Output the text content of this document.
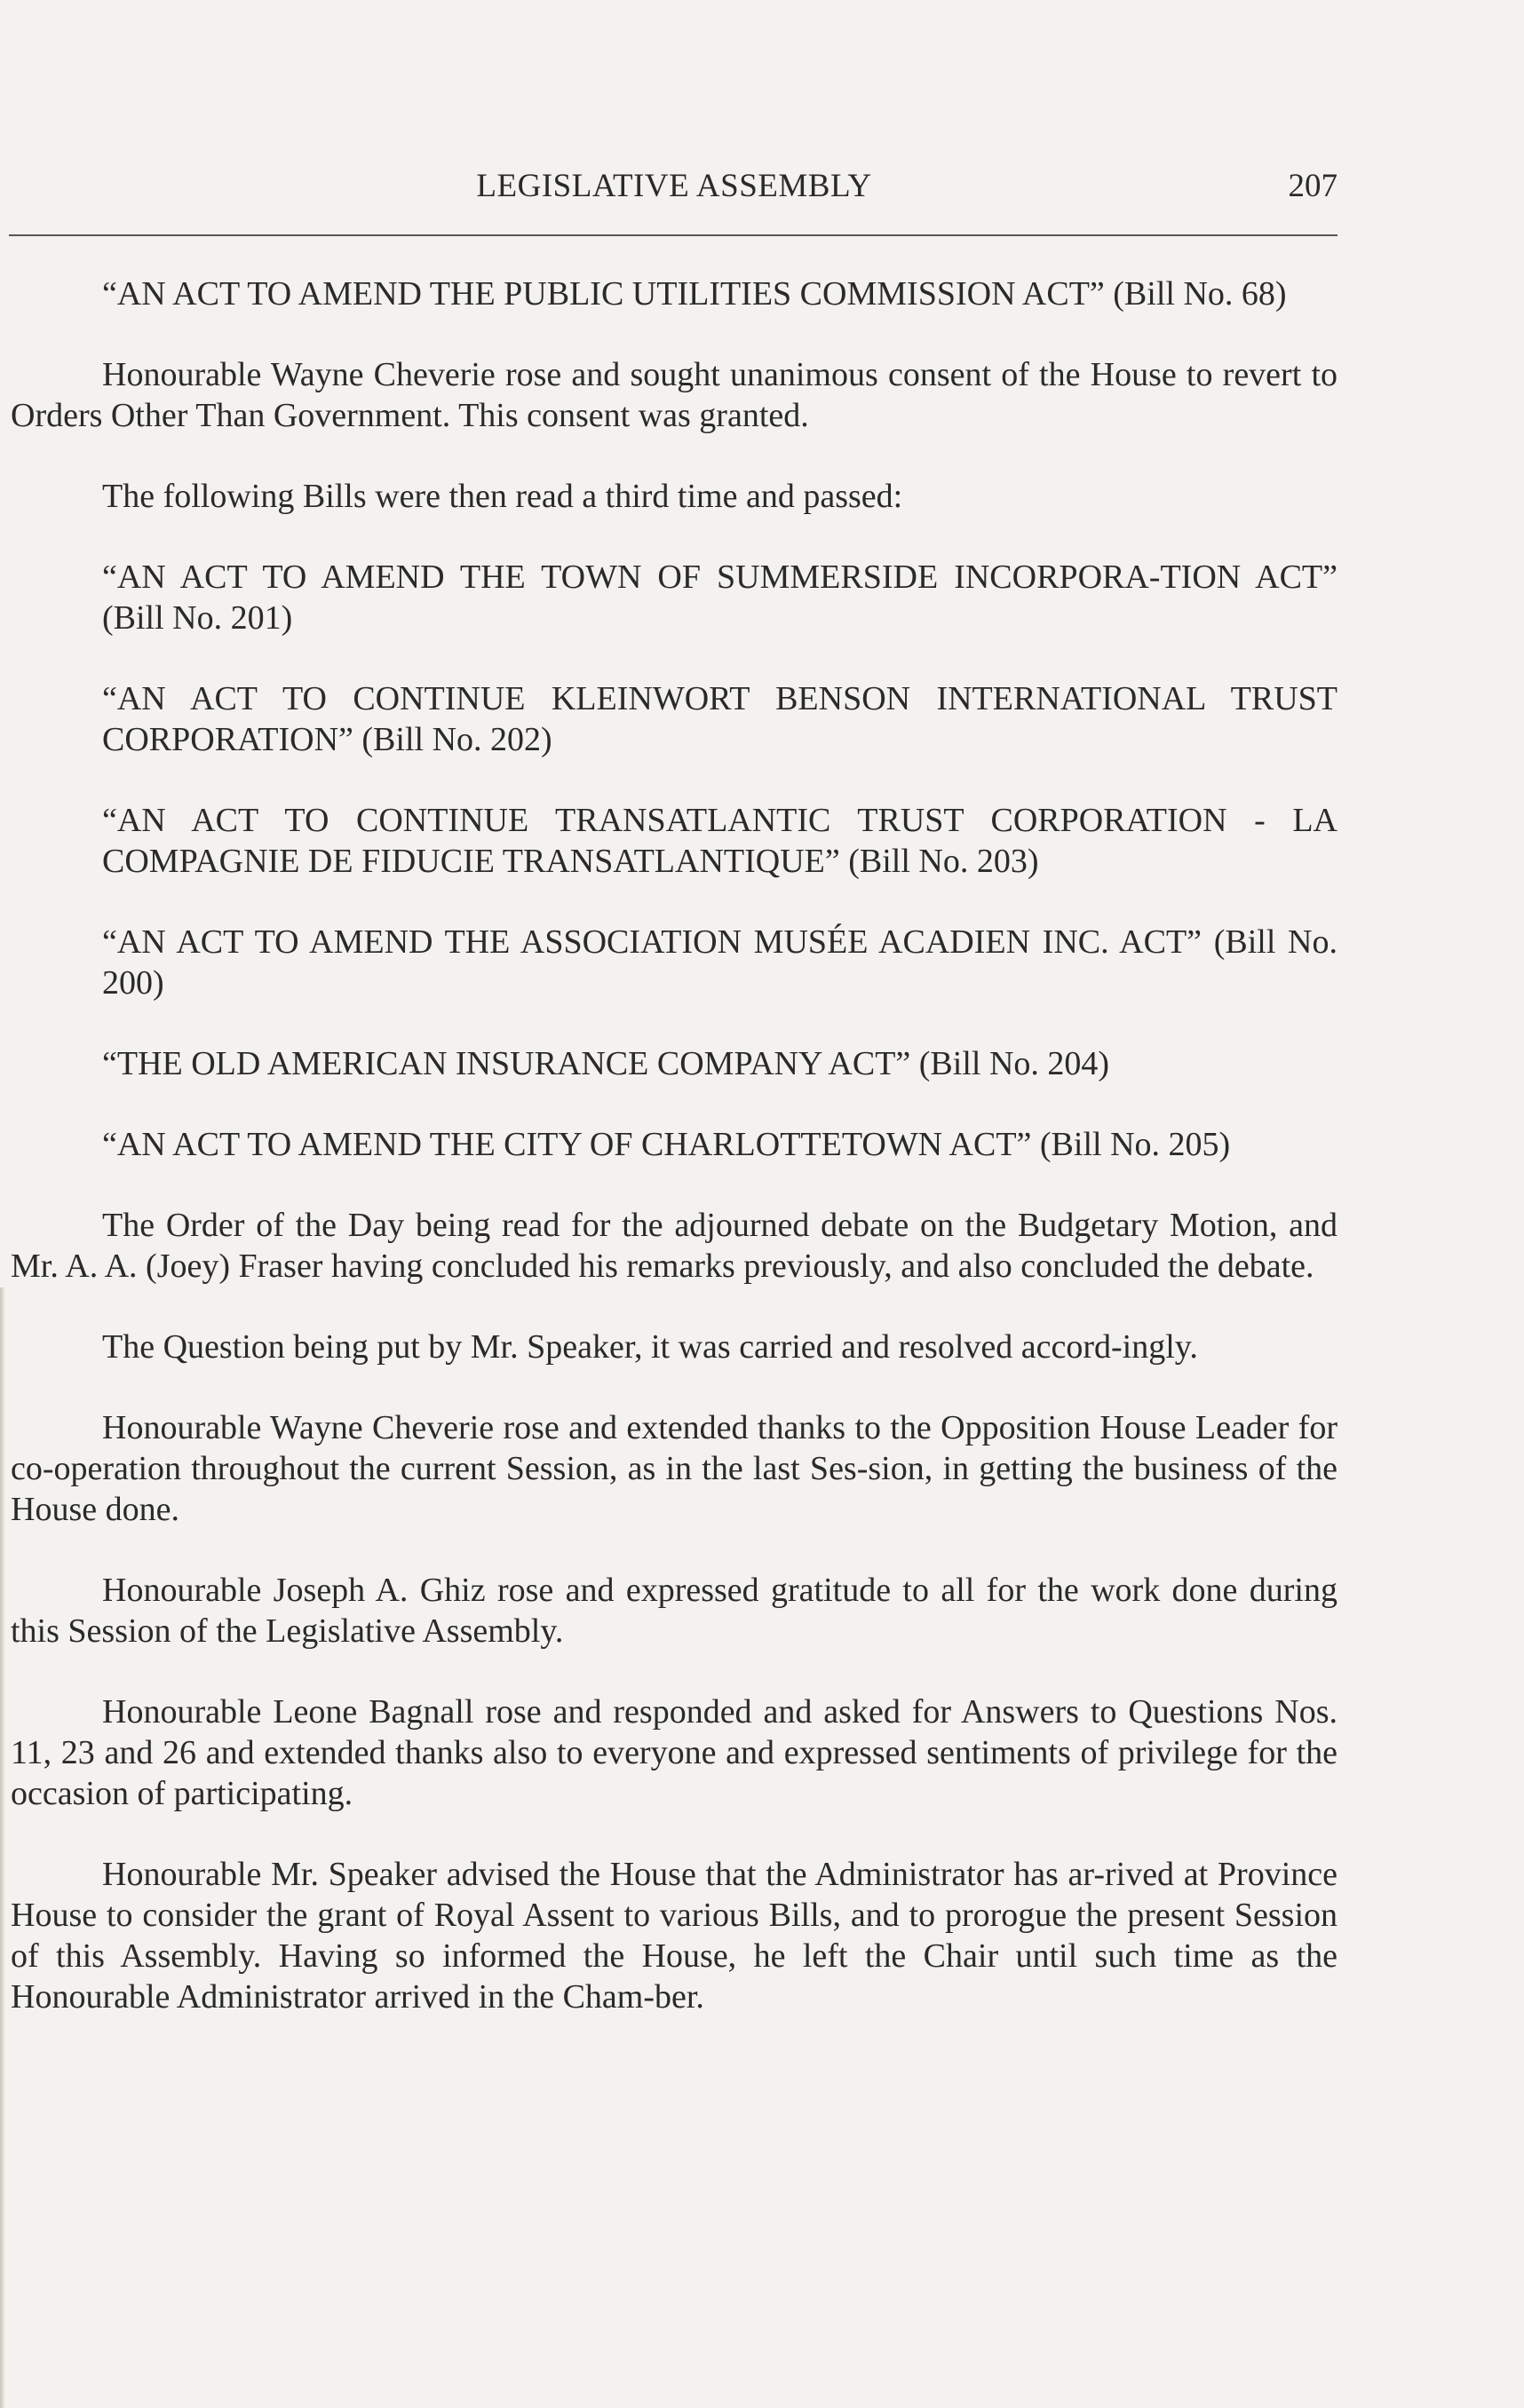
LEGISLATIVE ASSEMBLY	207
“AN ACT TO AMEND THE PUBLIC UTILITIES COMMISSION ACT” (Bill No. 68)
Honourable Wayne Cheverie rose and sought unanimous consent of the House to revert to Orders Other Than Government. This consent was granted.
The following Bills were then read a third time and passed:
“AN ACT TO AMEND THE TOWN OF SUMMERSIDE INCORPORA-TION ACT” (Bill No. 201)
“AN ACT TO CONTINUE KLEINWORT BENSON INTERNATIONAL TRUST CORPORATION” (Bill No. 202)
“AN ACT TO CONTINUE TRANSATLANTIC TRUST CORPORATION - LA COMPAGNIE DE FIDUCIE TRANSATLANTIQUE” (Bill No. 203)
“AN ACT TO AMEND THE ASSOCIATION MUSÉE ACADIEN INC. ACT” (Bill No. 200)
“THE OLD AMERICAN INSURANCE COMPANY ACT” (Bill No. 204)
“AN ACT TO AMEND THE CITY OF CHARLOTTETOWN ACT” (Bill No. 205)
The Order of the Day being read for the adjourned debate on the Budgetary Motion, and Mr. A. A. (Joey) Fraser having concluded his remarks previously, and also concluded the debate.
The Question being put by Mr. Speaker, it was carried and resolved accord-ingly.
Honourable Wayne Cheverie rose and extended thanks to the Opposition House Leader for co-operation throughout the current Session, as in the last Ses-sion, in getting the business of the House done.
Honourable Joseph A. Ghiz rose and expressed gratitude to all for the work done during this Session of the Legislative Assembly.
Honourable Leone Bagnall rose and responded and asked for Answers to Questions Nos. 11, 23 and 26 and extended thanks also to everyone and expressed sentiments of privilege for the occasion of participating.
Honourable Mr. Speaker advised the House that the Administrator has ar-rived at Province House to consider the grant of Royal Assent to various Bills, and to prorogue the present Session of this Assembly. Having so informed the House, he left the Chair until such time as the Honourable Administrator arrived in the Cham-ber.
